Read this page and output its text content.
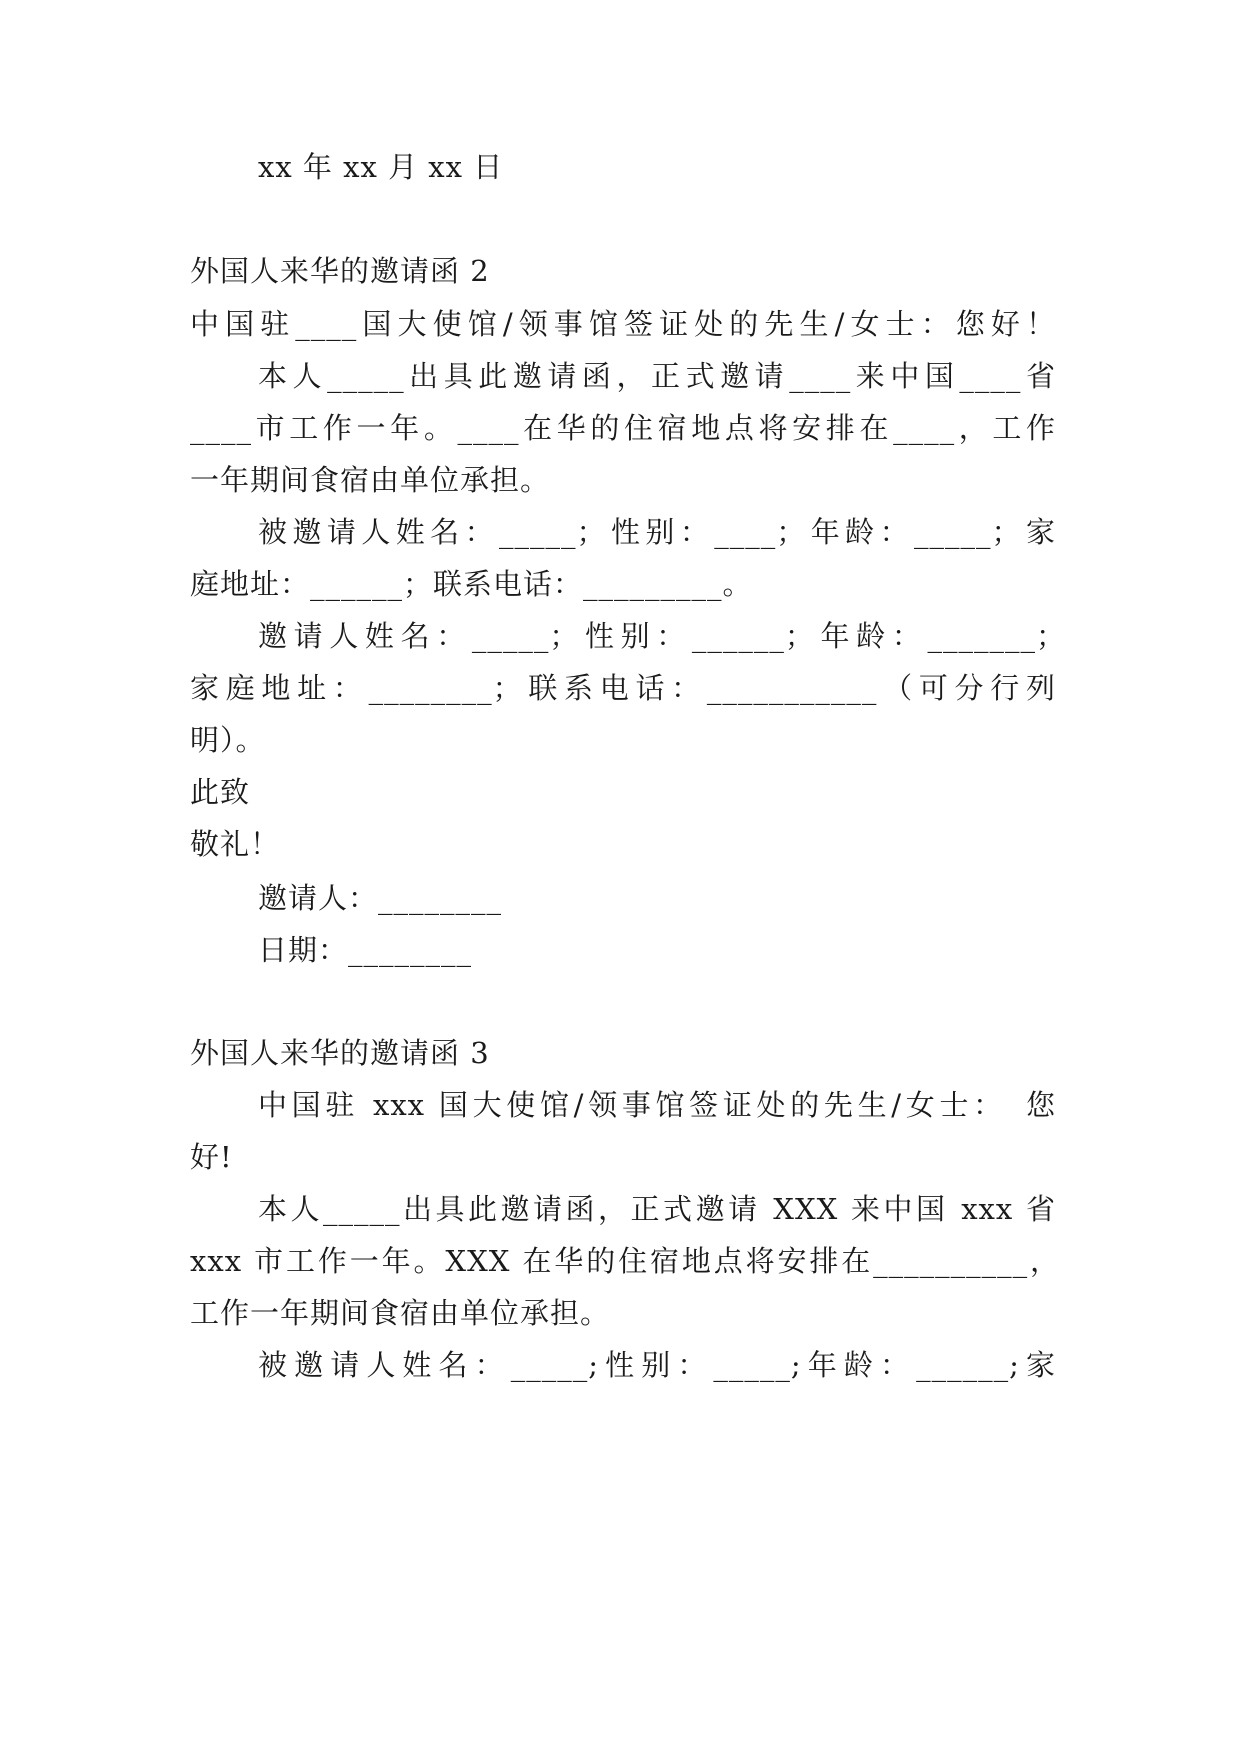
xx 年 xx 月 xx 日
外国人来华的邀请函 2
中国驻____国大使馆/领事馆签证处的先生/女士：您好！
本人_____出具此邀请函，正式邀请____来中国____省
____市工作一年。____在华的住宿地点将安排在____，工作
一年期间食宿由单位承担。
被邀请人姓名：_____；性别：____；年龄：_____；家
庭地址：______；联系电话：_________。
邀请人姓名：_____；性别：______；年龄：_______；
家庭地址：________；联系电话：___________（可分行列
明）。
此致
敬礼！
邀请人：________
日期：________
外国人来华的邀请函 3
中国驻 xxx 国大使馆/领事馆签证处的先生/女士：　您
好!
本人_____出具此邀请函，正式邀请 XXX 来中国 xxx 省
xxx 市工作一年。XXX 在华的住宿地点将安排在__________，
工作一年期间食宿由单位承担。
被邀请人姓名：_____;性别：_____;年龄：______;家
